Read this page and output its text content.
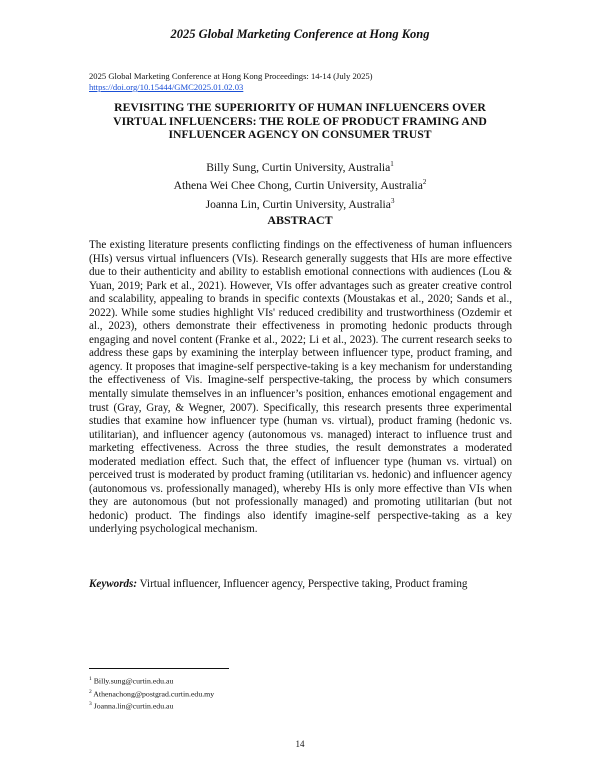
2025 Global Marketing Conference at Hong Kong
2025 Global Marketing Conference at Hong Kong Proceedings: 14-14 (July 2025)
https://doi.org/10.15444/GMC2025.01.02.03
REVISITING THE SUPERIORITY OF HUMAN INFLUENCERS OVER VIRTUAL INFLUENCERS: THE ROLE OF PRODUCT FRAMING AND INFLUENCER AGENCY ON CONSUMER TRUST
Billy Sung, Curtin University, Australia$^1$
Athena Wei Chee Chong, Curtin University, Australia$^2$
Joanna Lin, Curtin University, Australia$^3$
ABSTRACT

The existing literature presents conflicting findings on the effectiveness of human influencers (HIs) versus virtual influencers (VIs). Research generally suggests that HIs are more effective due to their authenticity and ability to establish emotional connections with audiences (Lou & Yuan, 2019; Park et al., 2021). However, VIs offer advantages such as greater creative control and scalability, appealing to brands in specific contexts (Moustakas et al., 2020; Sands et al., 2022). While some studies highlight VIs' reduced credibility and trustworthiness (Ozdemir et al., 2023), others demonstrate their effectiveness in promoting hedonic products through engaging and novel content (Franke et al., 2022; Li et al., 2023). The current research seeks to address these gaps by examining the interplay between influencer type, product framing, and agency. It proposes that imagine-self perspective-taking is a key mechanism for understanding the effectiveness of Vis. Imagine-self perspective-taking, the process by which consumers mentally simulate themselves in an influencer’s position, enhances emotional engagement and trust (Gray, Gray, & Wegner, 2007). Specifically, this research presents three experimental studies that examine how influencer type (human vs. virtual), product framing (hedonic vs. utilitarian), and influencer agency (autonomous vs. managed) interact to influence trust and marketing effectiveness. Across the three studies, the result demonstrates a moderated moderated mediation effect. Such that, the effect of influencer type (human vs. virtual) on perceived trust is moderated by product framing (utilitarian vs. hedonic) and influencer agency (autonomous vs. professionally managed), whereby HIs is only more effective than VIs when they are autonomous (but not professionally managed) and promoting utilitarian (but not hedonic) product. The findings also identify imagine-self perspective-taking as a key underlying psychological mechanism.

Keywords: Virtual influencer, Influencer agency, Perspective taking, Product framing
$^1$ Billy.sung@curtin.edu.au
$^2$ Athenachong@postgrad.curtin.edu.my
$^3$ Joanna.lin@curtin.edu.au
14
